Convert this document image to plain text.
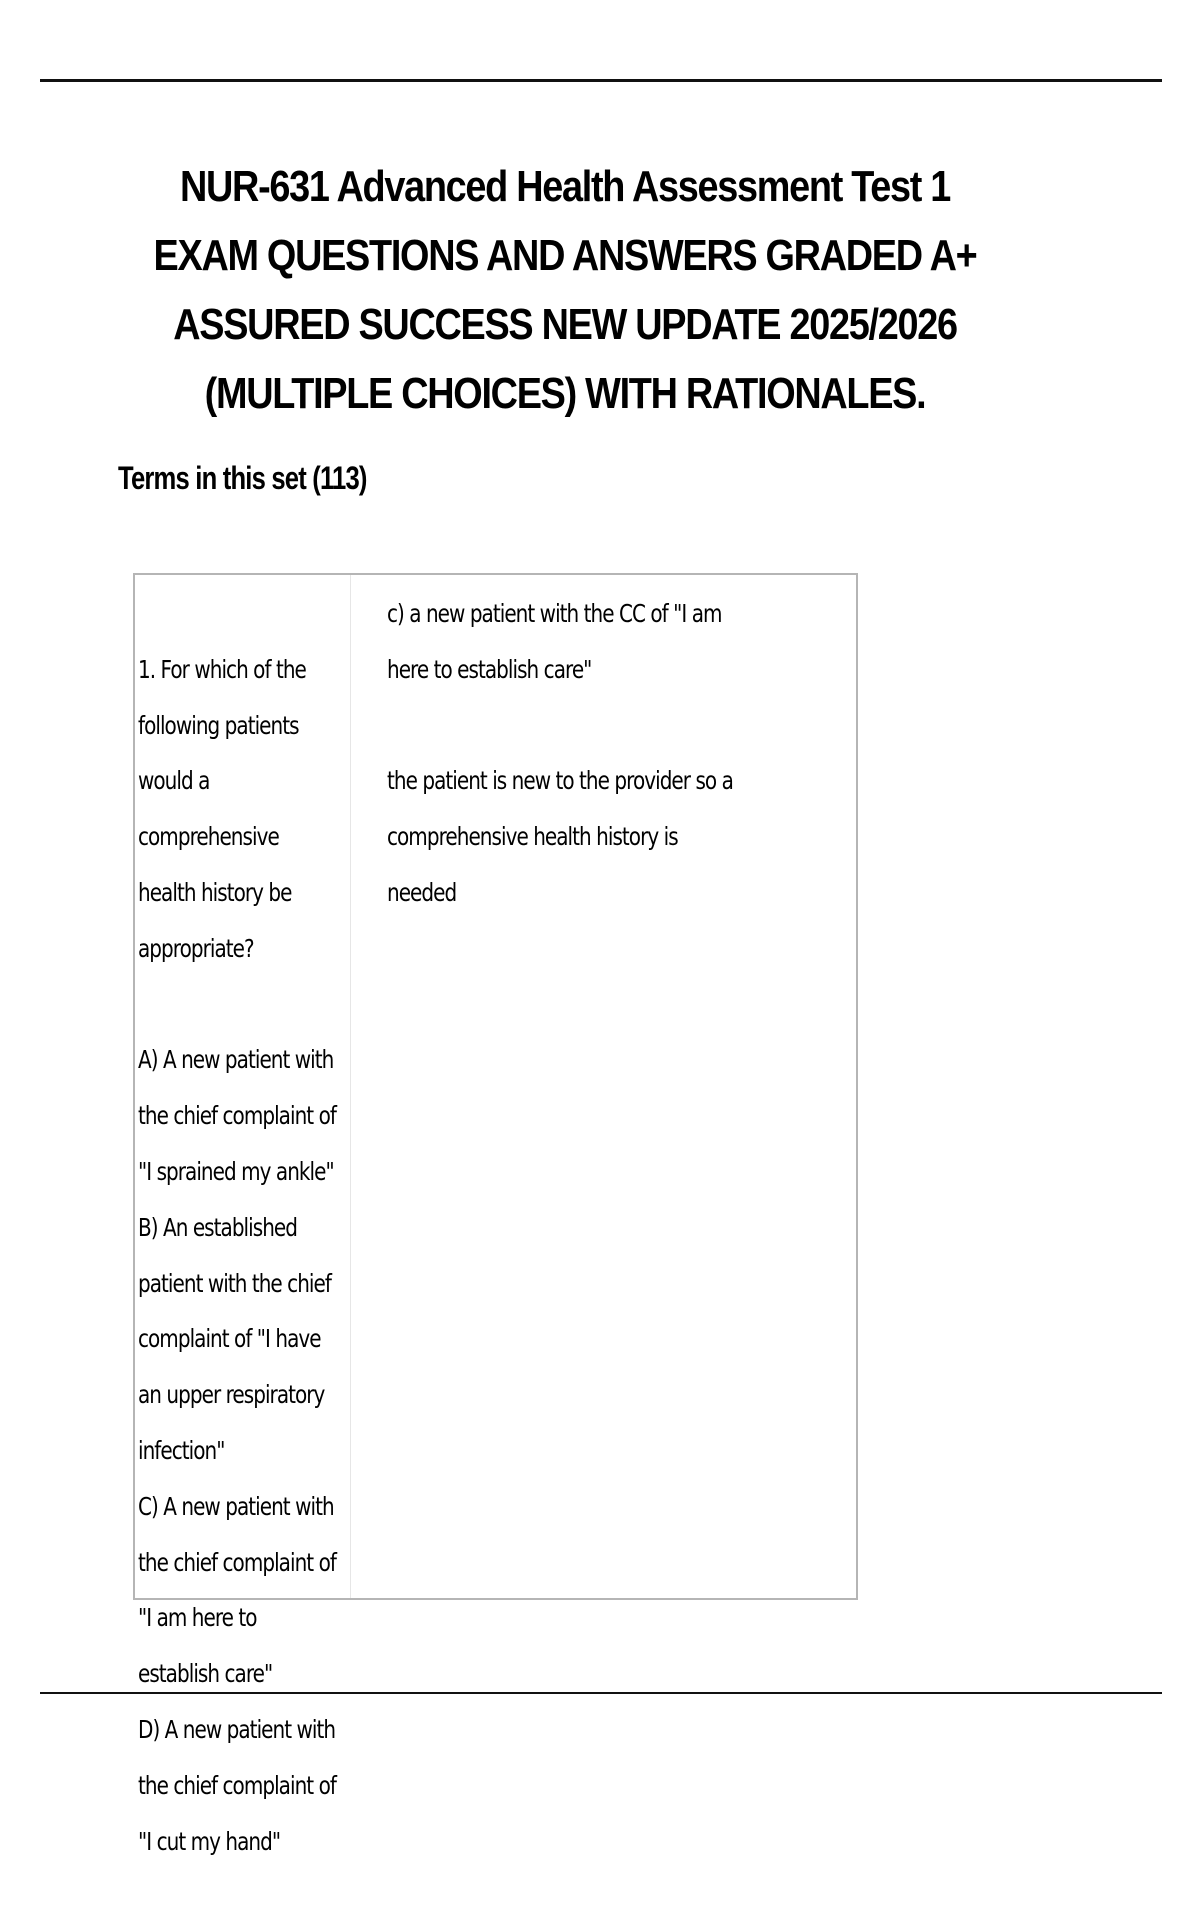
NUR-631 Advanced Health Assessment Test 1 EXAM QUESTIONS AND ANSWERS GRADED A+ ASSURED SUCCESS NEW UPDATE 2025/2026 (MULTIPLE CHOICES) WITH RATIONALES.
Terms in this set (113)

1. For which of the following patients would a comprehensive health history be appropriate?

A) A new patient with the chief complaint of "I sprained my ankle"
B) An established patient with the chief complaint of "I have an upper respiratory infection"
C) A new patient with the chief complaint of "I am here to establish care"
D) A new patient with the chief complaint of "I cut my hand"

c) a new patient with the CC of "I am here to establish care"
the patient is new to the provider so a comprehensive health history is needed
